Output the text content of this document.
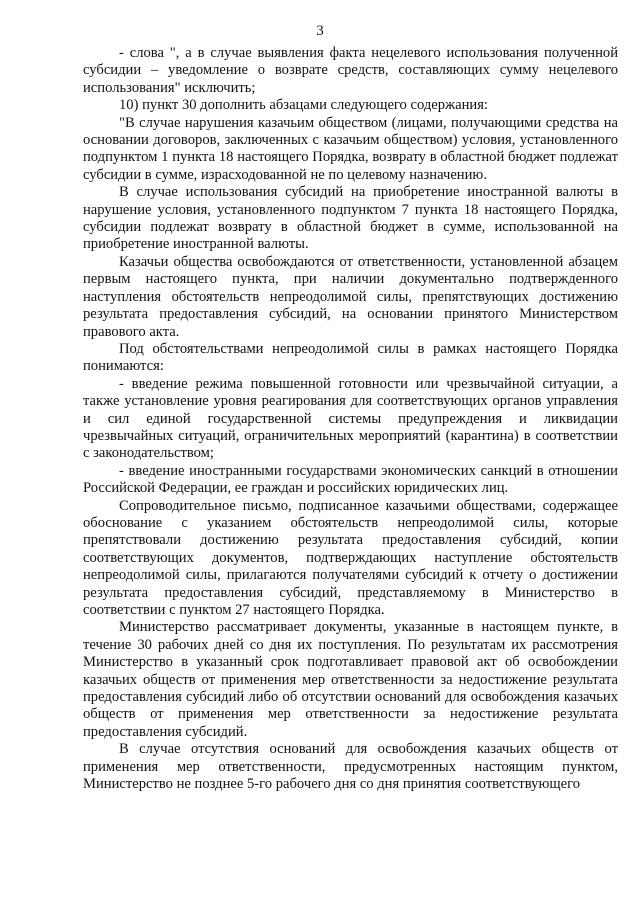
3

- слова ", а в случае выявления факта нецелевого использования полученной субсидии – уведомление о возврате средств, составляющих сумму нецелевого использования" исключить;

10) пункт 30 дополнить абзацами следующего содержания:

"В случае нарушения казачьим обществом (лицами, получающими средства на основании договоров, заключенных с казачьим обществом) условия, установленного подпунктом 1 пункта 18 настоящего Порядка, возврату в областной бюджет подлежат субсидии в сумме, израсходованной не по целевому назначению.

В случае использования субсидий на приобретение иностранной валюты в нарушение условия, установленного подпунктом 7 пункта 18 настоящего Порядка, субсидии подлежат возврату в областной бюджет в сумме, использованной на приобретение иностранной валюты.

Казачьи общества освобождаются от ответственности, установленной абзацем первым настоящего пункта, при наличии документально подтвержденного наступления обстоятельств непреодолимой силы, препятствующих достижению результата предоставления субсидий, на основании принятого Министерством правового акта.

Под обстоятельствами непреодолимой силы в рамках настоящего Порядка понимаются:

- введение режима повышенной готовности или чрезвычайной ситуации, а также установление уровня реагирования для соответствующих органов управления и сил единой государственной системы предупреждения и ликвидации чрезвычайных ситуаций, ограничительных мероприятий (карантина) в соответствии с законодательством;

- введение иностранными государствами экономических санкций в отношении Российской Федерации, ее граждан и российских юридических лиц.

Сопроводительное письмо, подписанное казачьими обществами, содержащее обоснование с указанием обстоятельств непреодолимой силы, которые препятствовали достижению результата предоставления субсидий, копии соответствующих документов, подтверждающих наступление обстоятельств непреодолимой силы, прилагаются получателями субсидий к отчету о достижении результата предоставления субсидий, представляемому в Министерство в соответствии с пунктом 27 настоящего Порядка.

Министерство рассматривает документы, указанные в настоящем пункте, в течение 30 рабочих дней со дня их поступления. По результатам их рассмотрения Министерство в указанный срок подготавливает правовой акт об освобождении казачьих обществ от применения мер ответственности за недостижение результата предоставления субсидий либо об отсутствии оснований для освобождения казачьих обществ от применения мер ответственности за недостижение результата предоставления субсидий.

В случае отсутствия оснований для освобождения казачьих обществ от применения мер ответственности, предусмотренных настоящим пунктом, Министерство не позднее 5-го рабочего дня со дня принятия соответствующего
